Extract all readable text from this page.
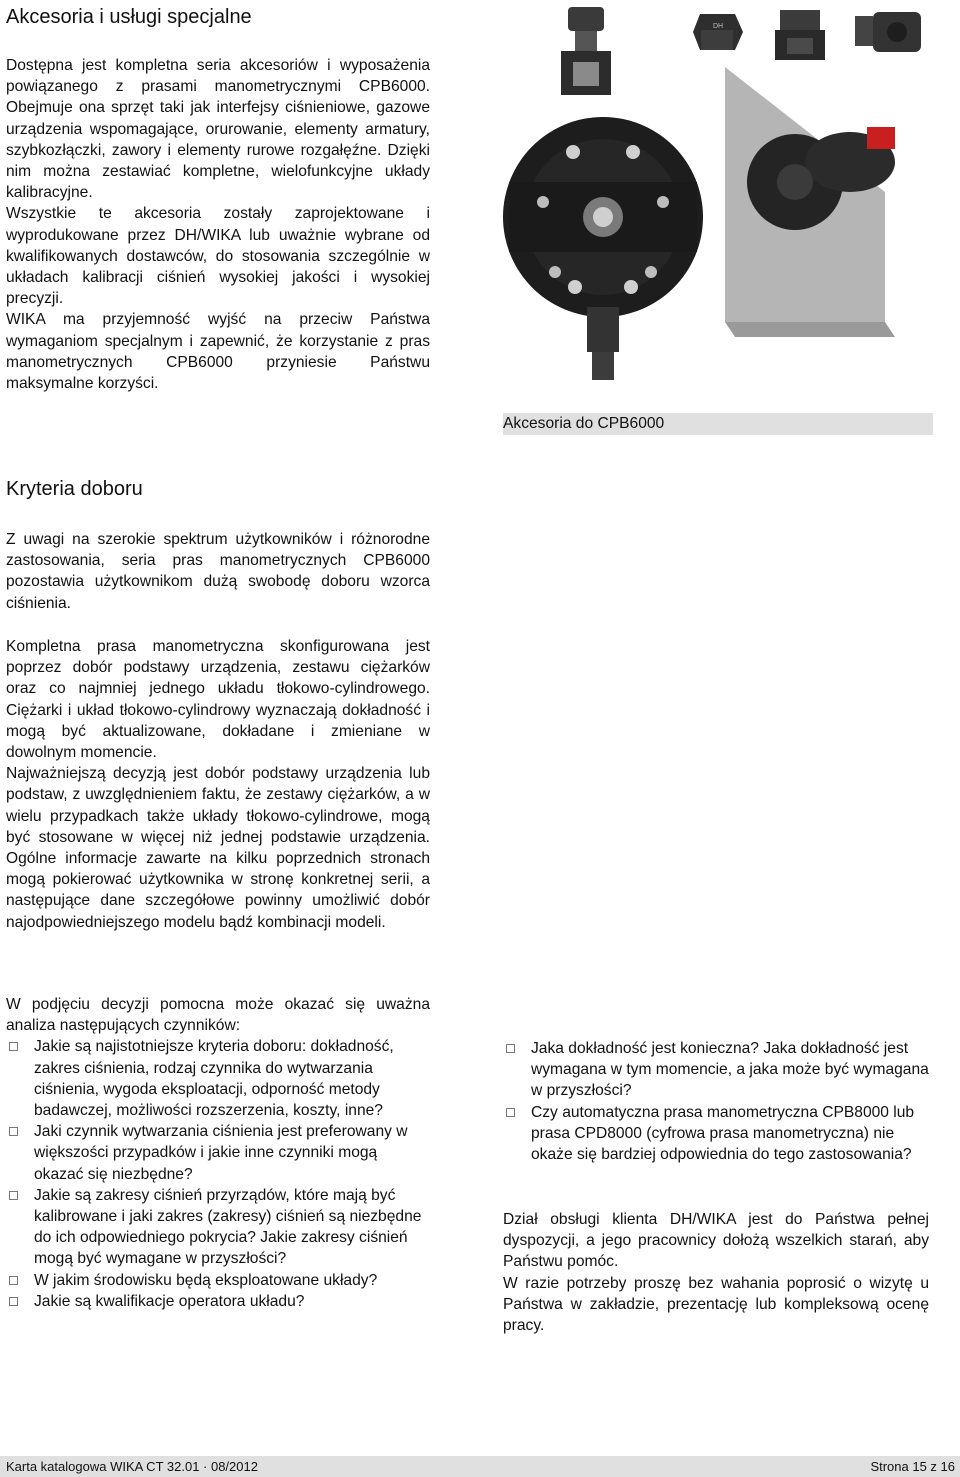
Akcesoria i usługi specjalne

Dostępna jest kompletna seria akcesoriów i wyposażenia powiązanego z prasami manometrycznymi CPB6000. Obejmuje ona sprzęt taki jak interfejsy ciśnieniowe, gazowe urządzenia wspomagające, orurowanie, elementy armatury, szybkozłączki, zawory i elementy rurowe rozgałęźne. Dzięki nim można zestawiać kompletne, wielofunkcyjne układy kalibracyjne.

Wszystkie te akcesoria zostały zaprojektowane i wyprodukowane przez DH/WIKA lub uważnie wybrane od kwalifikowanych dostawców, do stosowania szczególnie w układach kalibracji ciśnień wysokiej jakości i wysokiej precyzji.

WIKA ma przyjemność wyjść na przeciw Państwa wymaganiom specjalnym i zapewnić, że korzystanie z pras manometrycznych CPB6000 przyniesie Państwu maksymalne korzyści.

DH
Akcesoria do CPB6000
Kryteria doboru

Z uwagi na szerokie spektrum użytkowników i różnorodne zastosowania, seria pras manometrycznych CPB6000 pozostawia użytkownikom dużą swobodę doboru wzorca ciśnienia.

Kompletna prasa manometryczna skonfigurowana jest poprzez dobór podstawy urządzenia, zestawu ciężarków oraz co najmniej jednego układu tłokowo-cylindrowego. Ciężarki i układ tłokowo-cylindrowy wyznaczają dokładność i mogą być aktualizowane, dokładane i zmieniane w dowolnym momencie.

Najważniejszą decyzją jest dobór podstawy urządzenia lub podstaw, z uwzględnieniem faktu, że zestawy ciężarków, a w wielu przypadkach także układy tłokowo-cylindrowe, mogą być stosowane w więcej niż jednej podstawie urządzenia. Ogólne informacje zawarte na kilku poprzednich stronach mogą pokierować użytkownika w stronę konkretnej serii, a następujące dane szczegółowe powinny umożliwić dobór najodpowiedniejszego modelu bądź kombinacji modeli.

W podjęciu decyzji pomocna może okazać się uważna analiza następujących czynników:

Jakie są najistotniejsze kryteria doboru: dokładność, zakres ciśnienia, rodzaj czynnika do wytwarzania ciśnienia, wygoda eksploatacji, odporność metody badawczej, możliwości rozszerzenia, koszty, inne?
Jaki czynnik wytwarzania ciśnienia jest preferowany w większości przypadków i jakie inne czynniki mogą okazać się niezbędne?
Jakie są zakresy ciśnień przyrządów, które mają być kalibrowane i jaki zakres (zakresy) ciśnień są niezbędne do ich odpowiedniego pokrycia? Jakie zakresy ciśnień mogą być wymagane w przyszłości?
W jakim środowisku będą eksploatowane układy?
Jakie są kwalifikacje operatora układu?
Jaka dokładność jest konieczna? Jaka dokładność jest wymagana w tym momencie, a jaka może być wymagana w przyszłości?
Czy automatyczna prasa manometryczna CPB8000 lub prasa CPD8000 (cyfrowa prasa manometryczna) nie okaże się bardziej odpowiednia do tego zastosowania?

Dział obsługi klienta DH/WIKA jest do Państwa pełnej dyspozycji, a jego pracownicy dołożą wszelkich starań, aby Państwu pomóc.

W razie potrzeby proszę bez wahania poprosić o wizytę u Państwa w zakładzie, prezentację lub kompleksową ocenę pracy.

Karta katalogowa WIKA CT 32.01 · 08/2012	Strona 15 z 16
